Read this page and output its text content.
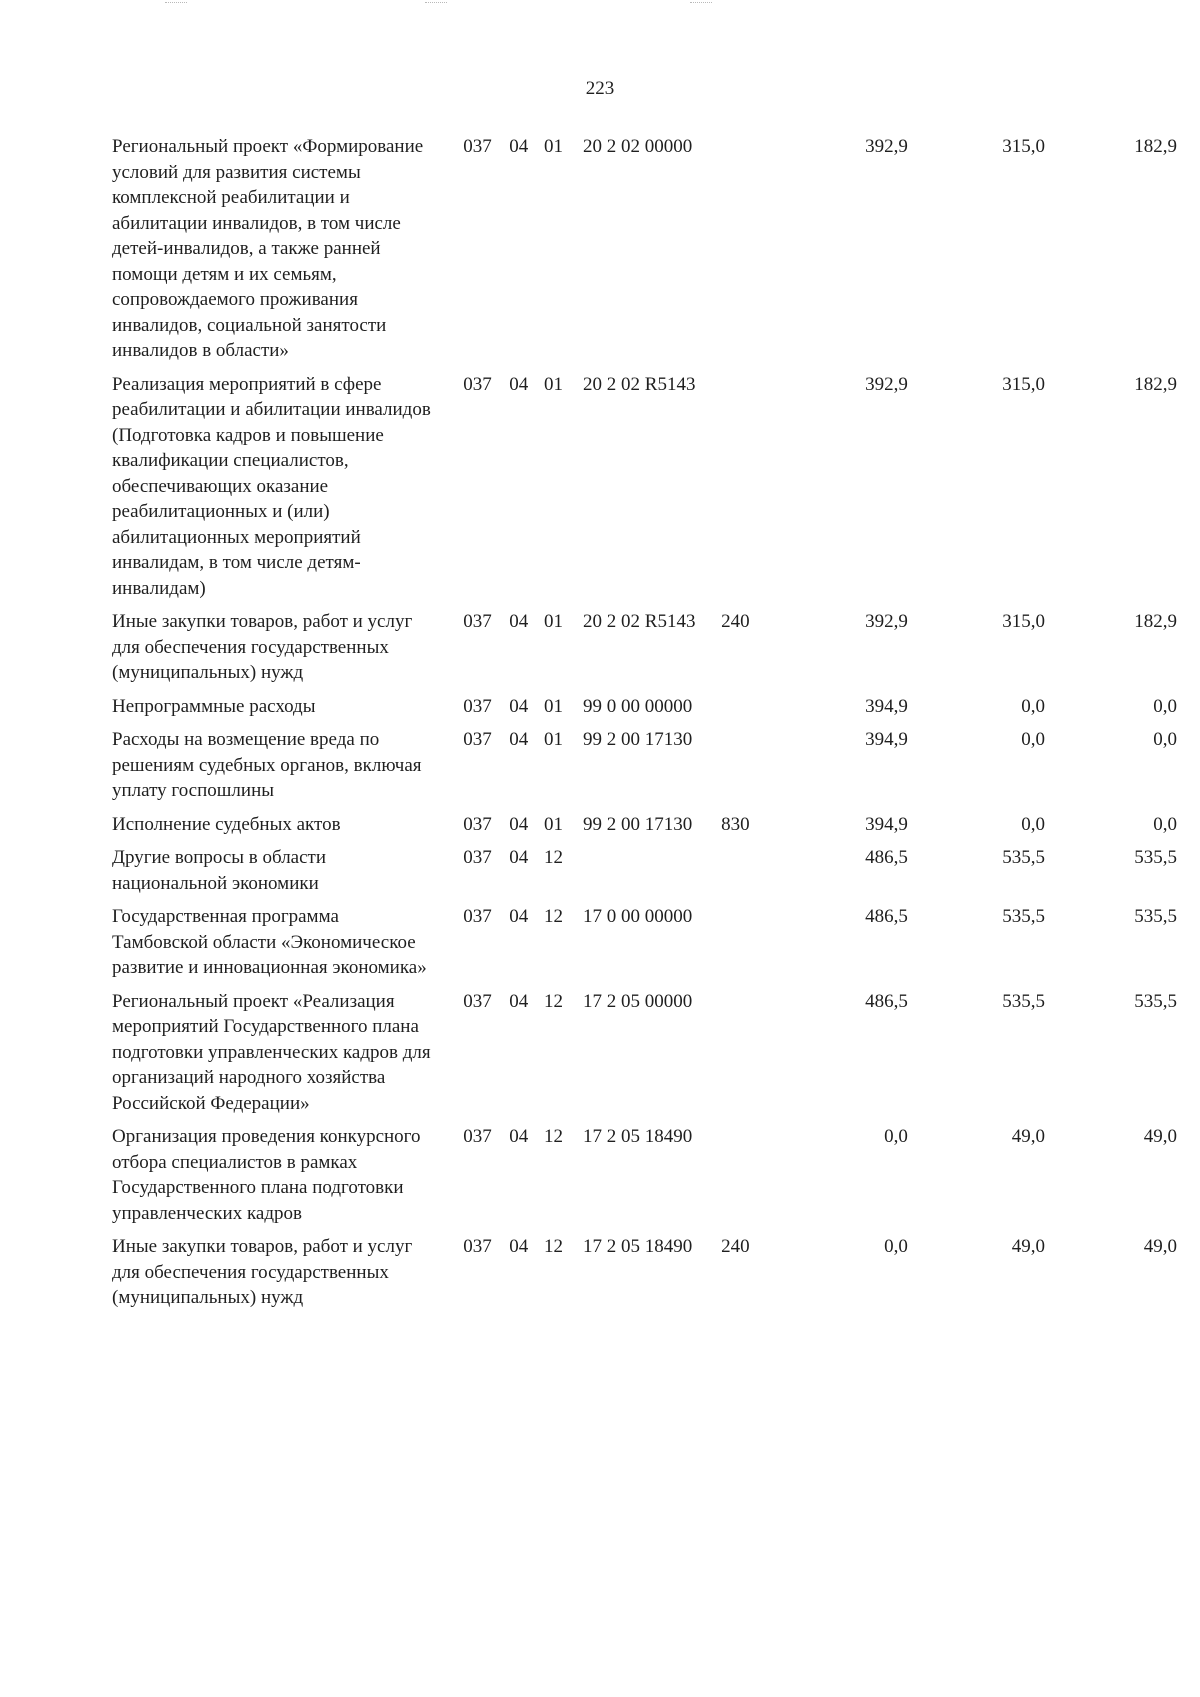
223
Региональный проект «Формирование условий для развития системы комплексной реабилитации и абилитации инвалидов, в том числе детей-инвалидов, а также ранней помощи детям и их семьям, сопровождаемого проживания инвалидов, социальной занятости инвалидов в области»	037	04	01	20 2 02 00000		392,9	315,0	182,9
Реализация мероприятий в сфере реабилитации и абилитации инвалидов (Подготовка кадров и повышение квалификации специалистов, обеспечивающих оказание реабилитационных и (или) абилитационных мероприятий инвалидам, в том числе детям-инвалидам)	037	04	01	20 2 02 R5143		392,9	315,0	182,9
Иные закупки товаров, работ и услуг для обеспечения государственных (муниципальных) нужд	037	04	01	20 2 02 R5143	240	392,9	315,0	182,9
Непрограммные расходы	037	04	01	99 0 00 00000		394,9	0,0	0,0
Расходы на возмещение вреда по решениям судебных органов, включая уплату госпошлины	037	04	01	99 2 00 17130		394,9	0,0	0,0
Исполнение судебных актов	037	04	01	99 2 00 17130	830	394,9	0,0	0,0
Другие вопросы в области национальной экономики	037	04	12			486,5	535,5	535,5
Государственная программа Тамбовской области «Экономическое развитие и инновационная экономика»	037	04	12	17 0 00 00000		486,5	535,5	535,5
Региональный проект «Реализация мероприятий Государственного плана подготовки управленческих кадров для организаций народного хозяйства Российской Федерации»	037	04	12	17 2 05 00000		486,5	535,5	535,5
Организация проведения конкурсного отбора специалистов в рамках Государственного плана подготовки управленческих кадров	037	04	12	17 2 05 18490		0,0	49,0	49,0
Иные закупки товаров, работ и услуг для обеспечения государственных (муниципальных) нужд	037	04	12	17 2 05 18490	240	0,0	49,0	49,0
